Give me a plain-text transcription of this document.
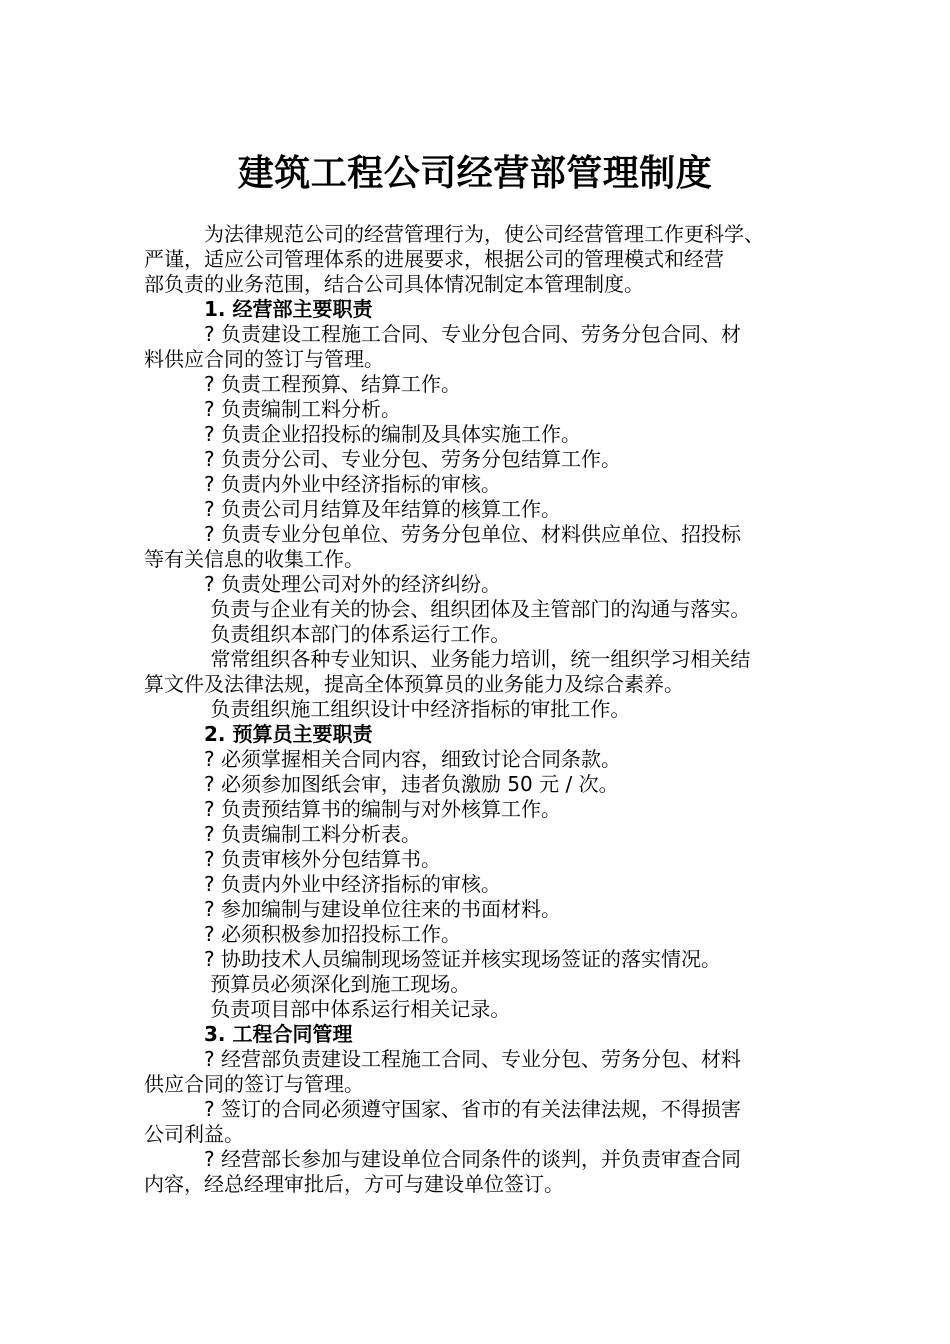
建筑工程公司经营部管理制度

　　　为法律规范公司的经营管理行为，使公司经营管理工作更科学、

严谨，适应公司管理体系的进展要求，根据公司的管理模式和经营

部负责的业务范围，结合公司具体情况制定本管理制度。

　　　1. 经营部主要职责

　　　? 负责建设工程施工合同、专业分包合同、劳务分包合同、材

料供应合同的签订与管理。

　　　? 负责工程预算、结算工作。

　　　? 负责编制工料分析。

　　　? 负责企业招投标的编制及具体实施工作。

　　　? 负责分公司、专业分包、劳务分包结算工作。

　　　? 负责内外业中经济指标的审核。

　　　? 负责公司月结算及年结算的核算工作。

　　　? 负责专业分包单位、劳务分包单位、材料供应单位、招投标

等有关信息的收集工作。

　　　? 负责处理公司对外的经济纠纷。

　　　 负责与企业有关的协会、组织团体及主管部门的沟通与落实。

　　　 负责组织本部门的体系运行工作。

　　　 常常组织各种专业知识、业务能力培训，统一组织学习相关结

算文件及法律法规，提高全体预算员的业务能力及综合素养。

　　　 负责组织施工组织设计中经济指标的审批工作。

　　　2. 预算员主要职责

　　　? 必须掌握相关合同内容，细致讨论合同条款。

　　　? 必须参加图纸会审，违者负激励 50 元 / 次。

　　　? 负责预结算书的编制与对外核算工作。

　　　? 负责编制工料分析表。

　　　? 负责审核外分包结算书。

　　　? 负责内外业中经济指标的审核。

　　　? 参加编制与建设单位往来的书面材料。

　　　? 必须积极参加招投标工作。

　　　? 协助技术人员编制现场签证并核实现场签证的落实情况。

　　　 预算员必须深化到施工现场。

　　　 负责项目部中体系运行相关记录。

　　　3. 工程合同管理

　　　? 经营部负责建设工程施工合同、专业分包、劳务分包、材料

供应合同的签订与管理。

　　　? 签订的合同必须遵守国家、省市的有关法律法规，不得损害

公司利益。

　　　? 经营部长参加与建设单位合同条件的谈判，并负责审查合同

内容，经总经理审批后，方可与建设单位签订。
